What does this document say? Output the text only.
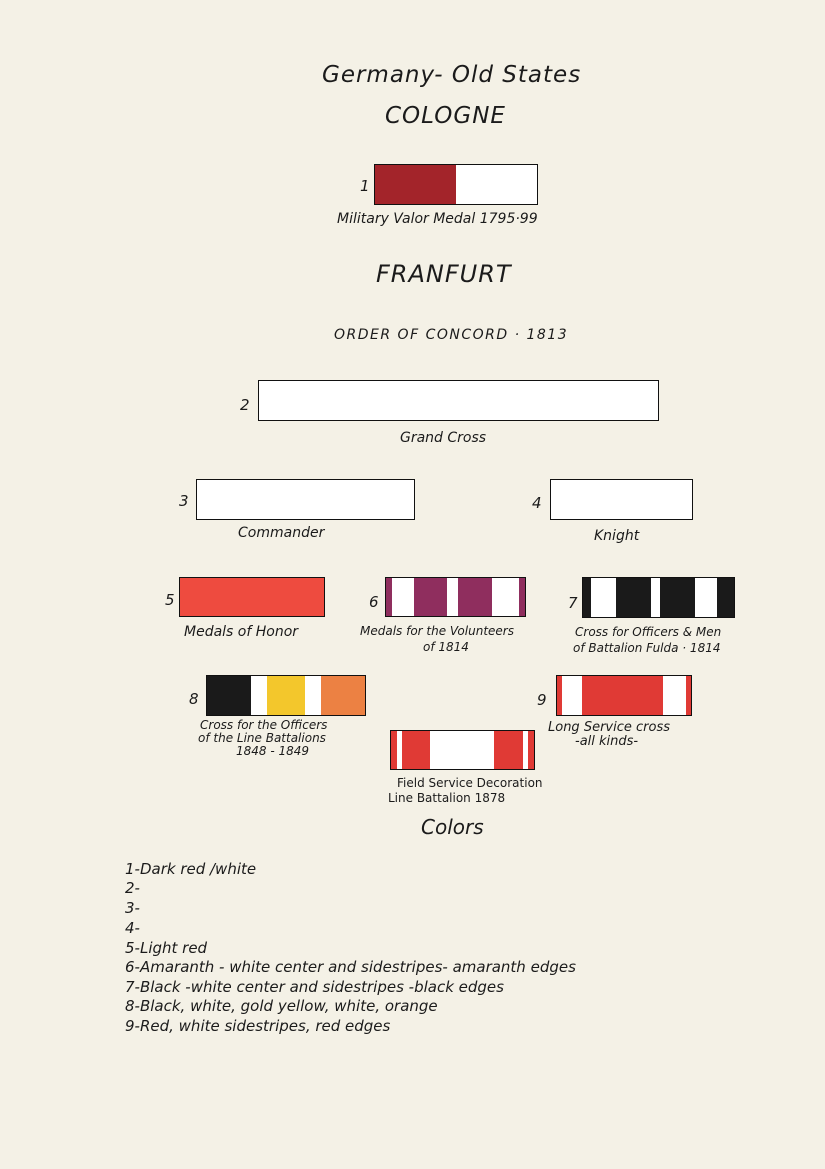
Germany- Old States
COLOGNE
1
Military Valor Medal 1795·99
FRANFURT
ORDER OF CONCORD · 1813
2
Grand Cross
3
Commander
4
Knight
5
Medals of Honor
6
Medals for the Volunteers
of 1814
7
Cross for Officers & Men
of Battalion Fulda · 1814
8
Cross for the Officers
of the Line Battalions
1848 - 1849
9
Long Service cross
-all kinds-
Field Service Decoration
Line Battalion 1878
Colors
1-Dark red /white
2-
3-
4-
5-Light red
6-Amaranth - white center and sidestripes- amaranth edges
7-Black -white center and sidestripes -black edges
8-Black, white, gold yellow, white, orange
9-Red, white sidestripes, red edges
